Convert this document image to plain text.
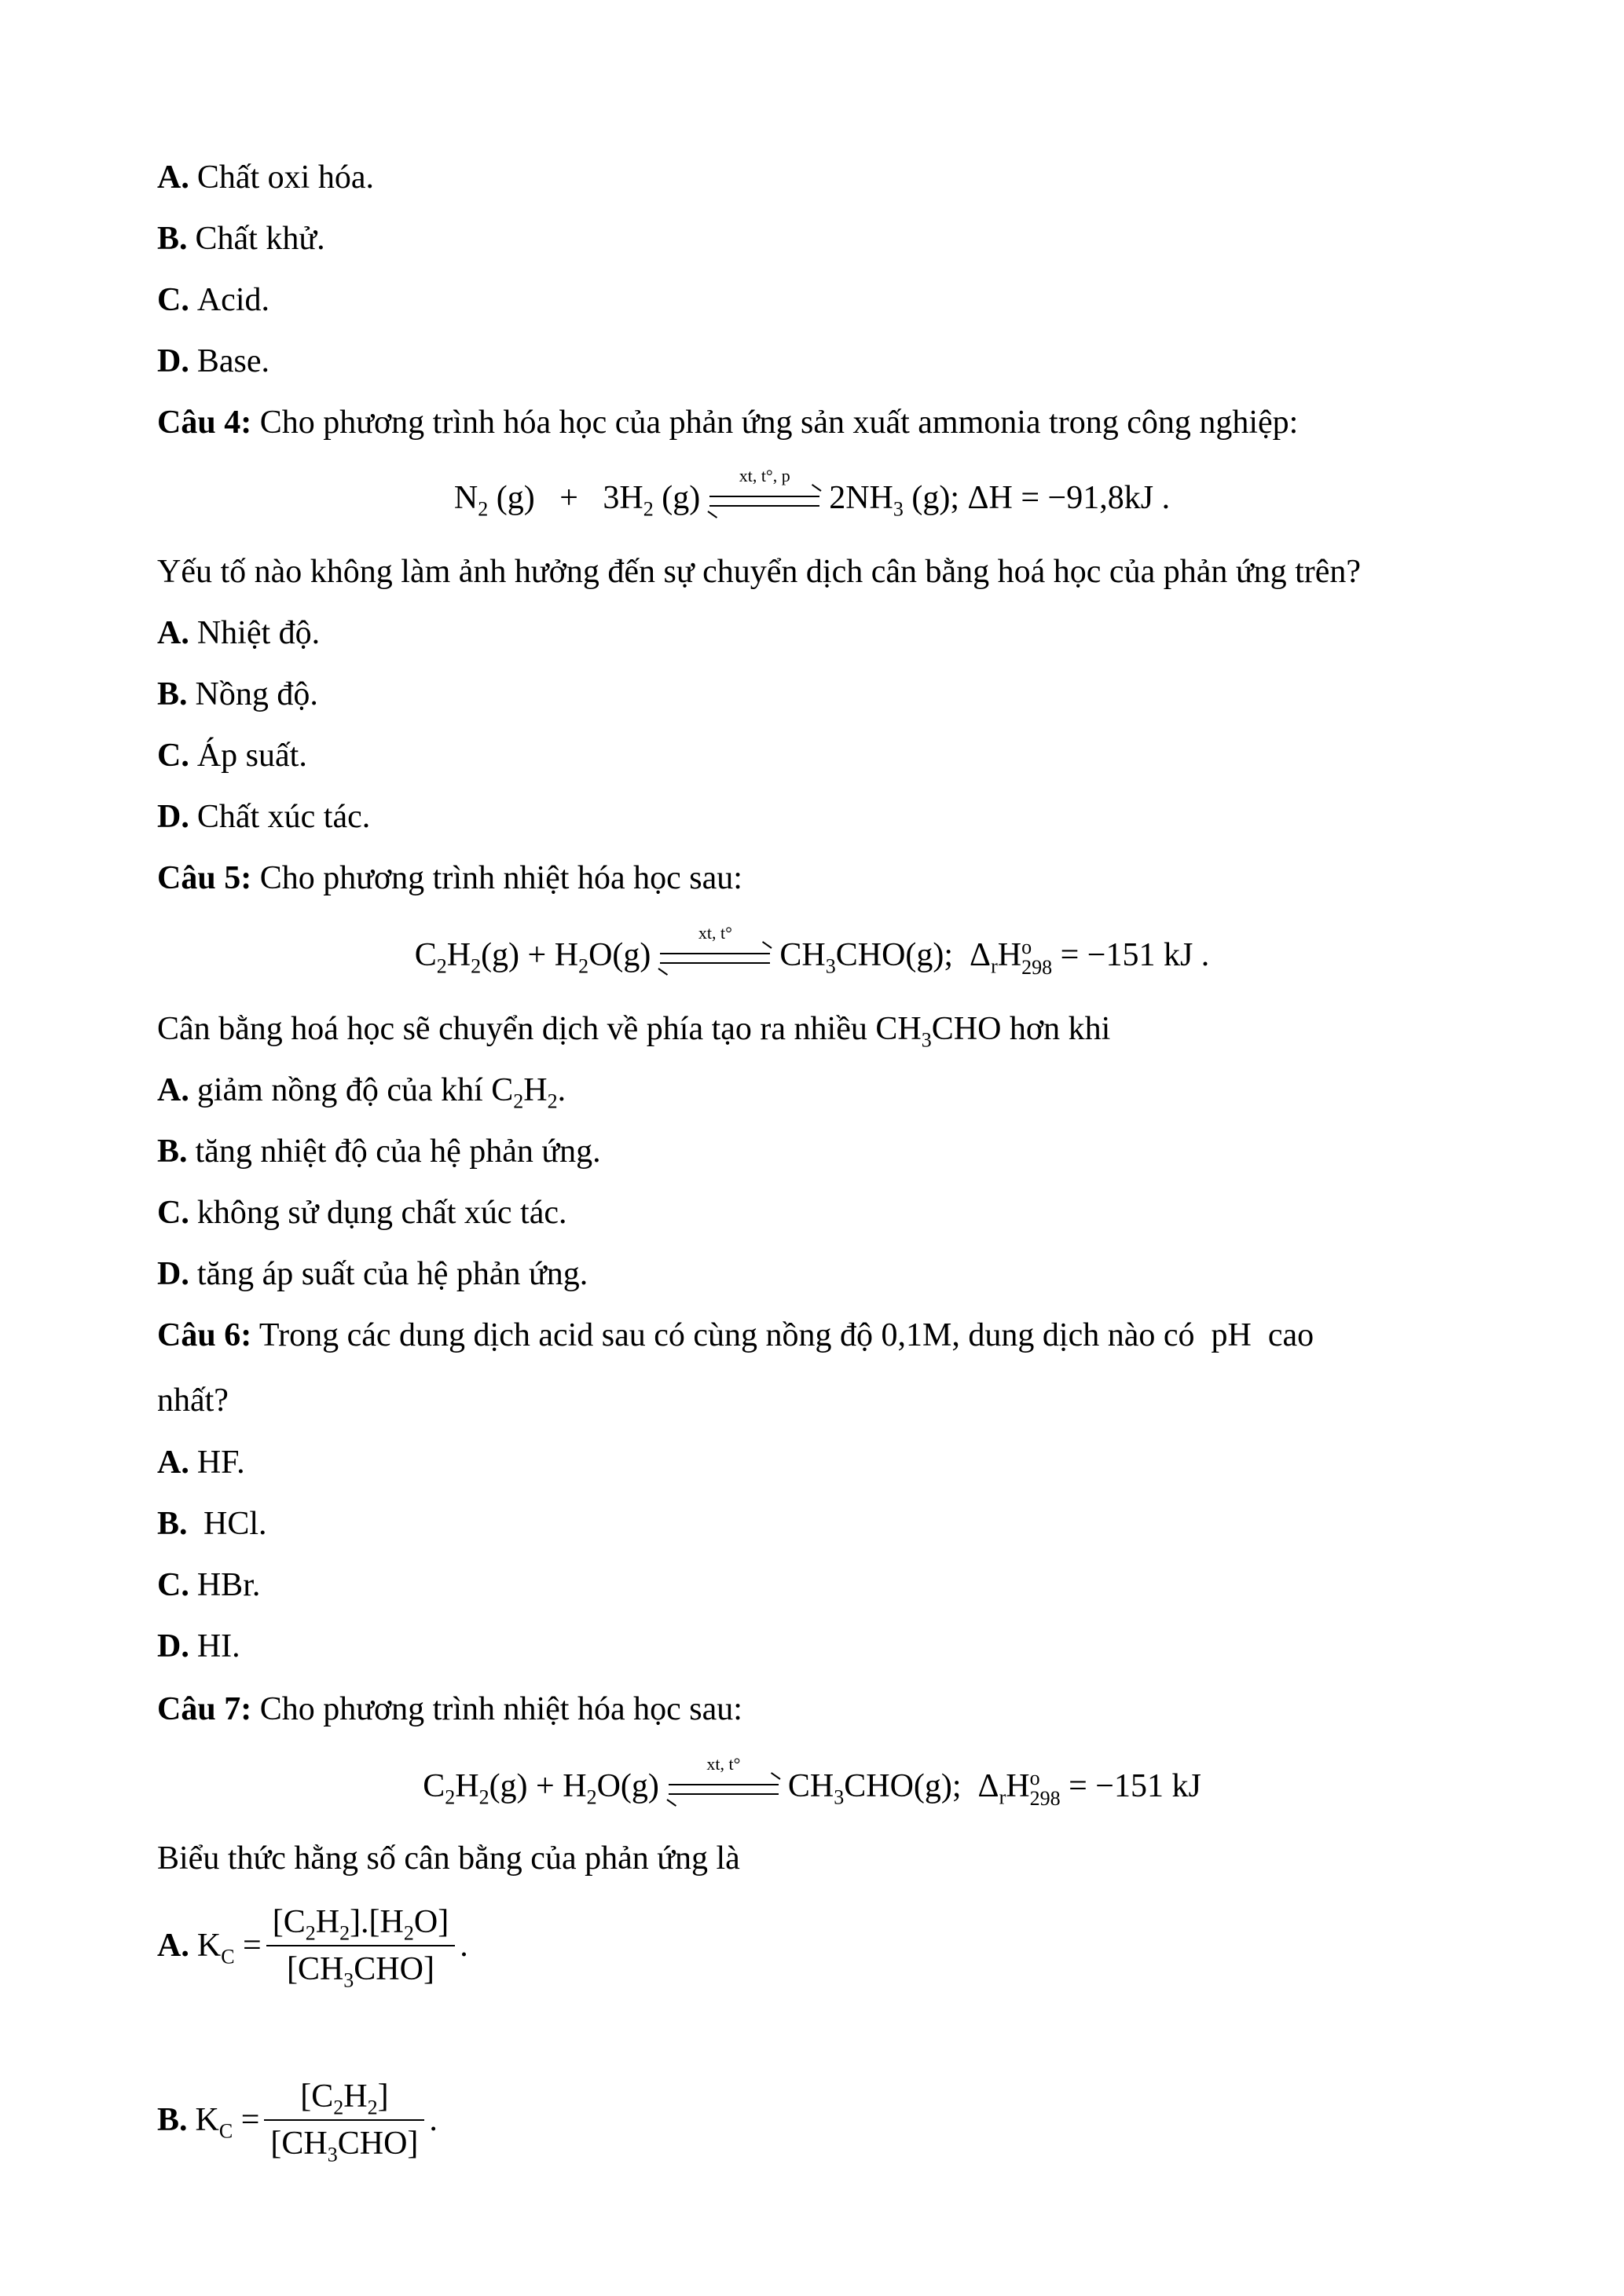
A. Chất oxi hóa.
B. Chất khử.
C. Acid.
D. Base.
Câu 4: Cho phương trình hóa học của phản ứng sản xuất ammonia trong công nghiệp:
$N_2$ $(g) + 3H_2$ (g)
xt, t°, p
$2NH_3$ (g); ΔH = −91,8kJ .
Yếu tố nào không làm ảnh hưởng đến sự chuyển dịch cân bằng hoá học của phản ứng trên?
A. Nhiệt độ.
B. Nồng độ.
C. Áp suất.
D. Chất xúc tác.
Câu 5: Cho phương trình nhiệt hóa học sau:
$C_2H_2(g) + H_2O(g)$
xt, t°
$CH_3CHO(g)$;  $\Delta_rH$ o
298 = −151 kJ .
Cân bằng hoá học sẽ chuyển dịch về phía tạo ra nhiều $CH_3CHO$ hơn khi
A. giảm nồng độ của khí $C_2H_2$.
B. tăng nhiệt độ của hệ phản ứng.
C. không sử dụng chất xúc tác.
D. tăng áp suất của hệ phản ứng.
Câu 6: Trong các dung dịch acid sau có cùng nồng độ 0,1M, dung dịch nào có  pH  cao
nhất?
A. HF.
B. HCl.
C. HBr.
D. HI.
Câu 7: Cho phương trình nhiệt hóa học sau:
$C_2H_2(g) + H_2O(g)$
xt, t°
$CH_3CHO(g)$;  $\Delta_rH$ o
298 = −151 kJ
Biểu thức hằng số cân bằng của phản ứng là
A. $K_C = \frac{[C_2H_2].[H_2O]}{[CH_3CHO]}$ .
B. $K_C = \frac{[C_2H_2]}{[CH_3CHO]}$ .
